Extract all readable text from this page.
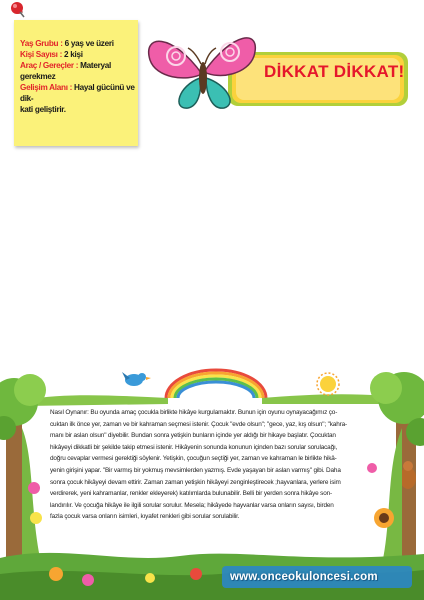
Yaş Grubu : 6 yaş ve üzeri
Kişi Sayısı : 2 kişi
Araç / Gereçler : Materyal gerekmez
Gelişim Alanı : Hayal gücünü ve dik-
kati geliştirir.
DİKKAT DİKKAT!
Nasıl Oynanır: Bu oyunda amaç çocukla birlikte hikâye kurgulamaktır. Bunun için oyunu oynayacağımız ço-
cuktan ilk önce yer, zaman ve bir kahraman seçmesi istenir. Çocuk "evde olsun"; "gece, yaz, kış olsun"; "kahra-
manı bir aslan olsun" diyebilir. Bundan sonra yetişkin bunların içinde yer aldığı bir hikaye başlatır. Çocuktan
hikâyeyi dikkatli bir şekilde takip etmesi istenir. Hikâyenin sonunda konunun içinden bazı sorular sorulacağı,
doğru cevaplar vermesi gerektiği söylenir. Yetişkin, çocuğun seçtiği yer, zaman ve kahraman le birlikte hikâ-
yenin girişini yapar. "Bir varmış bir yokmuş mevsimlerden yazmış. Evde yaşayan bir aslan varmış" gibi. Daha
sonra çocuk hikâyeyi devam ettirir. Zaman zaman yetişkin hikâyeyi zenginleştirecek ;hayvanlara, yerlere isim
verdirerek, yeni kahramanlar, renkler ekleyerek) katılımlarda bulunabilir. Belli bir yerden sonra hikâye son-
landırılır. Ve çocuğa hikâye ile ilgili sorular sorulur. Mesela; hikâyede hayvanlar varsa onların sayısı, birden
fazla çocuk varsa onların isimleri, kıyafet renkleri gibi sorular sorulabilir.
www.onceokuloncesi.com
